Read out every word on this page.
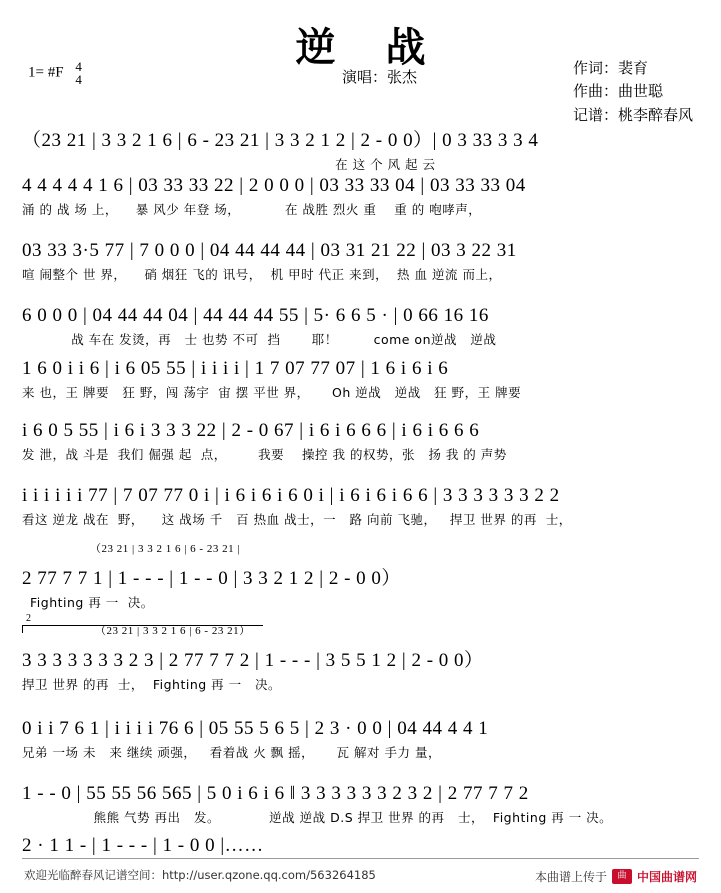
逆 战
1= #F 4
4	演唱：张杰
作词：裴育
作曲：曲世聪
记谱：桃李醉春风
（23 21 | 3 3 2 1 6 | 6 - 23 21 | 3 3 2 1 2 | 2 - 0 0）| 0 3 33 3 3 4
在 这 个 风 起 云
4 4 4 4 4 1 6 | 03 33 33 22 | 2 0 0 0 | 03 33 33 04 | 03 33 33 04
涌 的 战 场 上，    暴 风少 年登 场，          在 战胜 烈火 重    重 的 咆哮声，
03 33 3·5 77 | 7 0 0 0 | 04 44 44 44 | 03 31 21 22 | 03 3 22 31
喧 闹整个 世 界，    硝 烟狂 飞的 讯号，  机 甲时 代正 来到，  热 血 逆流 而上，
6 0 0 0 | 04 44 44 04 | 44 44 44 55 | 5· 6 6 5 · | 0 66 16 16
战 车在 发烫，再   士 也势 不可  挡       耶！        come on逆战   逆战
1 6 0 i i 6 | i 6 05 55 | i i i i | 1 7 07 77 07 | 1 6 i 6 i 6
来 也，王 牌要   狂 野，闯 荡宇  宙 摆 平世 界，     Oh 逆战   逆战   狂 野，王 牌要
i 6 0 5 55 | i 6 i 3 3 3 22 | 2 - 0 67 | i 6 i 6 6 6 | i 6 i 6 6 6
发 泄，战 斗是  我们 倔强 起  点，       我要    操控 我 的权势，张   扬 我 的 声势
i i i i i i 77 | 7 07 77 0 i | i 6 i 6 i 6 0 i | i 6 i 6 i 6 6 | 3 3 3 3 3 3 2 2
看这 逆龙 战在  野，    这 战场 千   百 热血 战士，一   路 向前 飞驰，   捍卫 世界 的再  士，
（23 21 | 3 3 2 1 6 | 6 - 23 21 |
2 77 7 7 1 | 1 - - - | 1 - - 0 | 3 3 2 1 2 | 2 - 0 0）
Fighting 再 一  决。
2
（23 21 | 3 3 2 1 6 | 6 - 23 21）
3 3 3 3 3 3 3 2 3 | 2 77 7 7 2 | 1 - - - | 3 5 5 1 2 | 2 - 0 0）
捍卫 世界 的再  士，  Fighting 再 一   决。
0 i i 7 6 1 | i i i i 76 6 | 05 55 5 6 5 | 2 3 · 0 0 | 04 44 4 4 1
兄弟 一场 未   来 继续 顽强，   看着战 火 飘 摇，     瓦 解对 手力 量，
1 - - 0 | 55 55 56 565 | 5 0 i 6 i 6 ‖ 3 3 3 3 3 3 2 3 2 | 2 77 7 7 2
熊熊 气势 再出   发。           逆战 逆战 D.S 捍卫 世界 的再   士，  Fighting 再 一 决。
2 · 1 1 - | 1 - - - | 1 - 0 0 |……
欢迎光临醉春风记谱空间：http://user.qzone.qq.com/563264185	本曲谱上传于	曲 中国曲谱网
